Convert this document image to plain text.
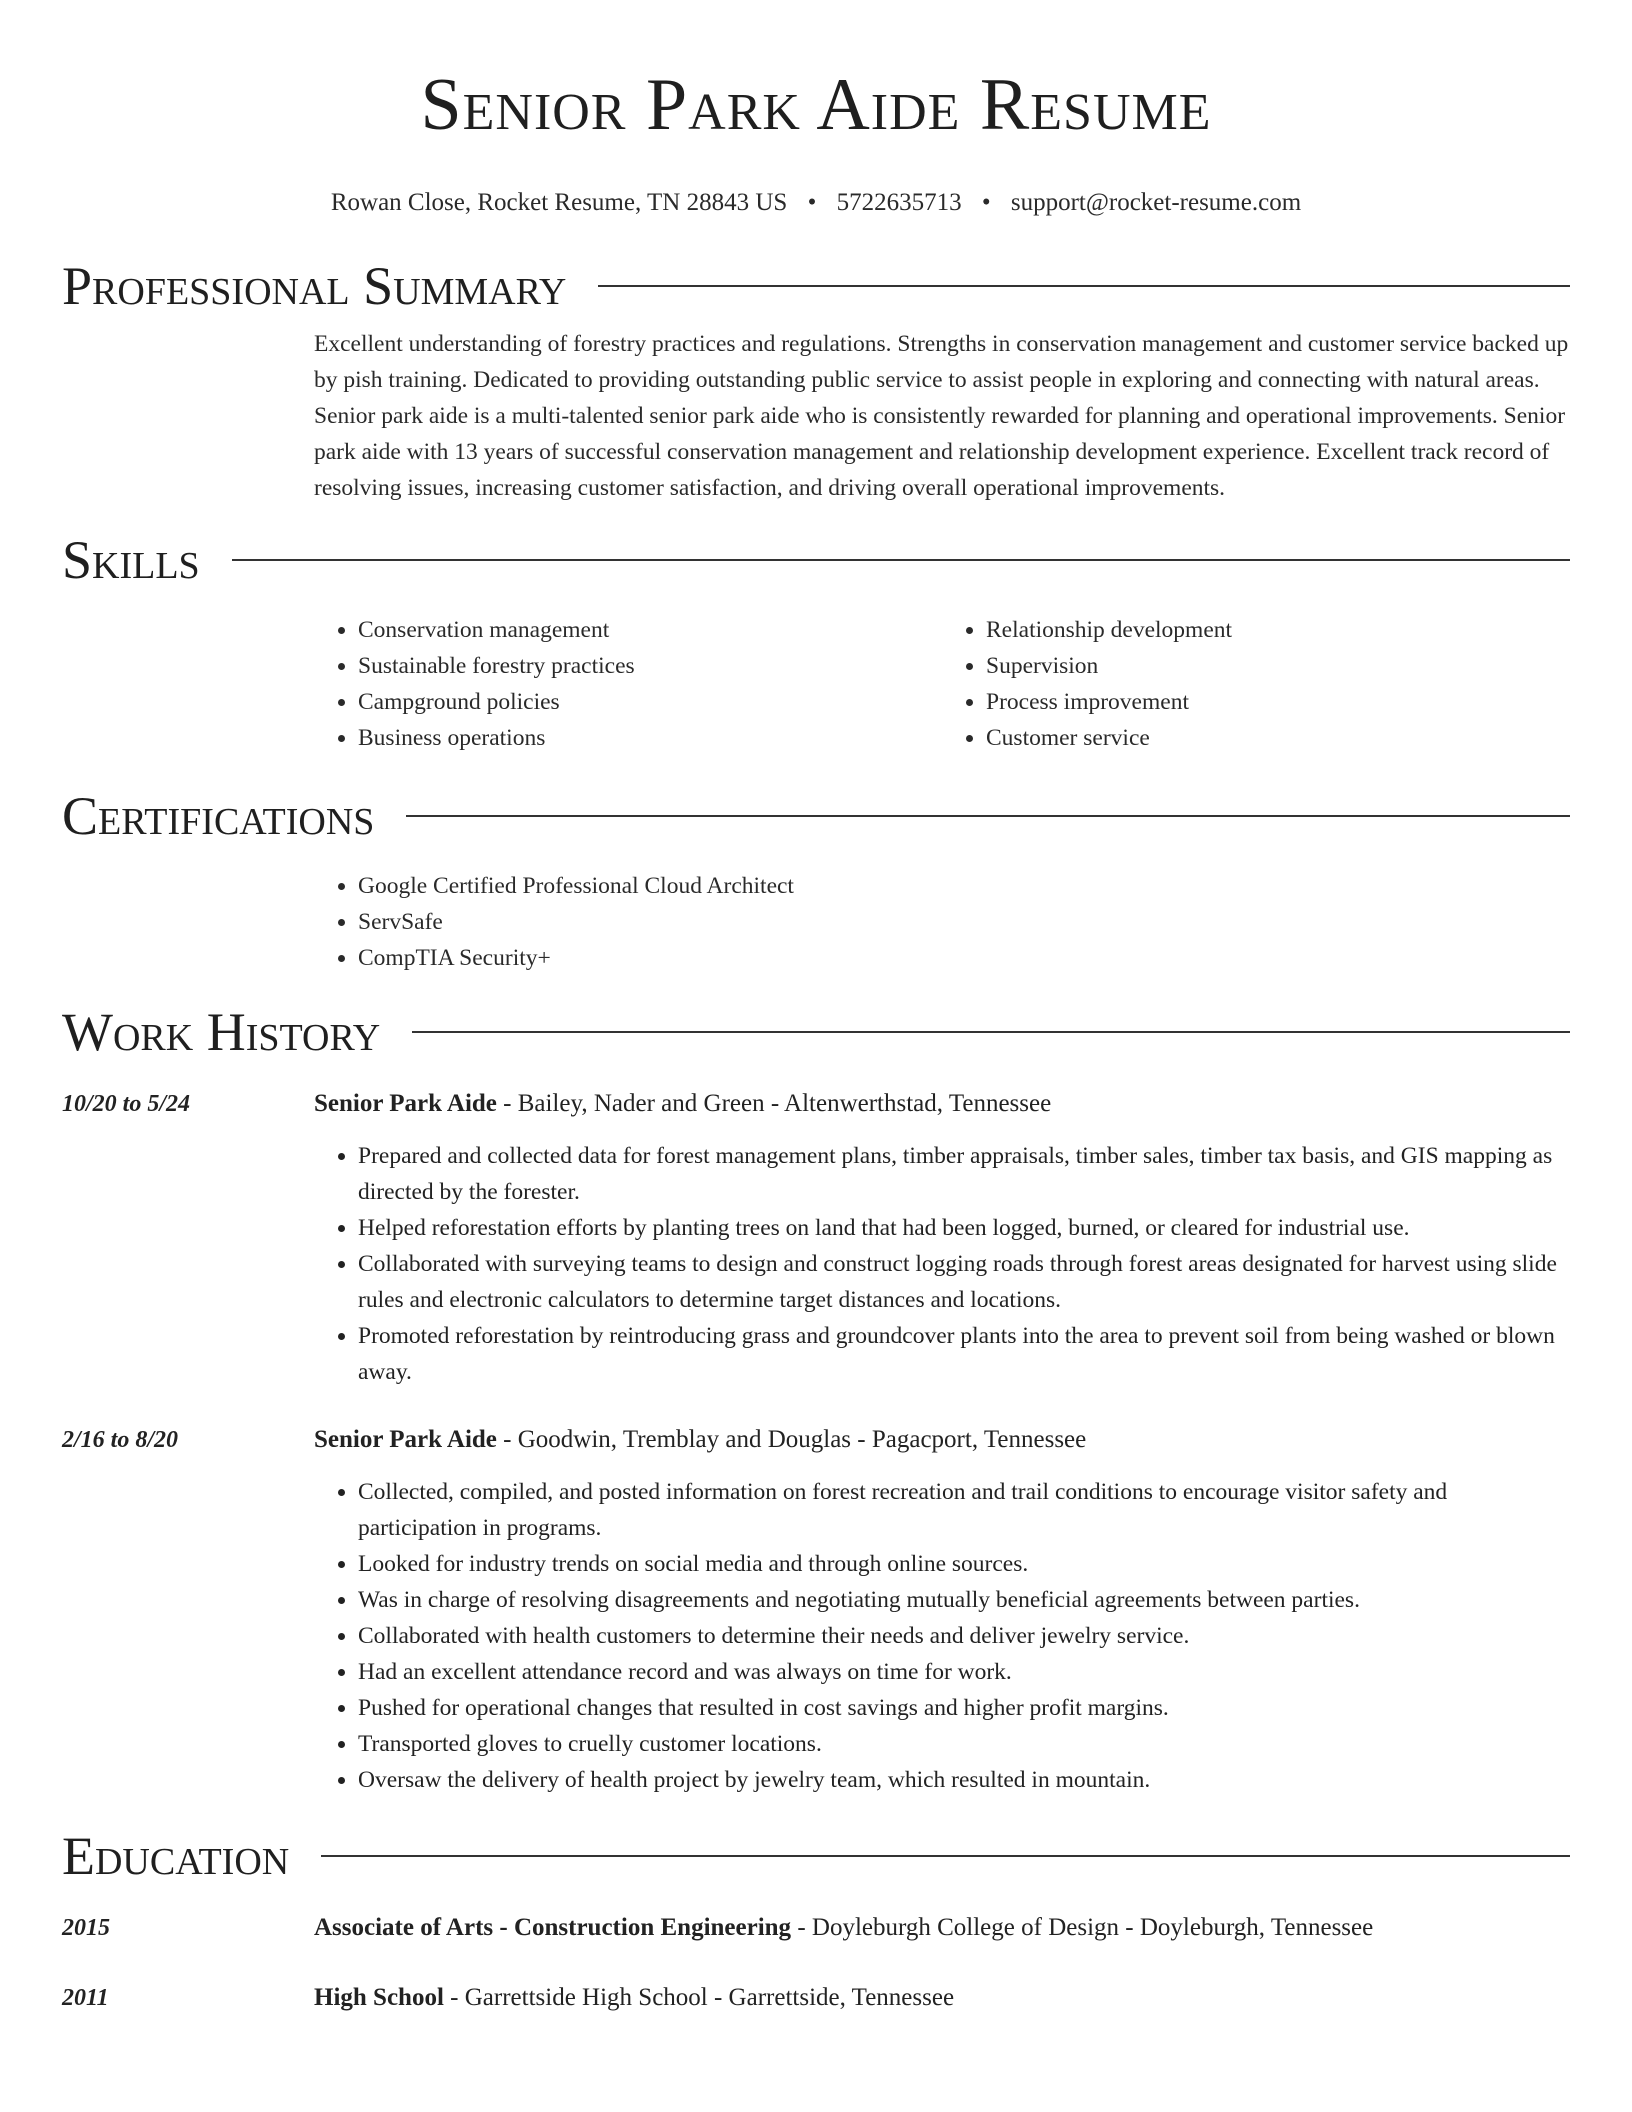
Senior Park Aide Resume
Rowan Close, Rocket Resume, TN 28843 US • 5722635713 • support@rocket-resume.com
Professional Summary

Excellent understanding of forestry practices and regulations. Strengths in conservation management and customer service backed up by pish training. Dedicated to providing outstanding public service to assist people in exploring and connecting with natural areas. Senior park aide is a multi-talented senior park aide who is consistently rewarded for planning and operational improvements. Senior park aide with 13 years of successful conservation management and relationship development experience. Excellent track record of resolving issues, increasing customer satisfaction, and driving overall operational improvements.

Skills
• Conservation management
• Sustainable forestry practices
• Campground policies
• Business operations
• Relationship development
• Supervision
• Process improvement
• Customer service
Certifications
• Google Certified Professional Cloud Architect
• ServSafe
• CompTIA Security+
Work History
10/20 to 5/24	Senior Park Aide - Bailey, Nader and Green - Altenwerthstad, Tennessee
• Prepared and collected data for forest management plans, timber appraisals, timber sales, timber tax basis, and GIS mapping as directed by the forester.
• Helped reforestation efforts by planting trees on land that had been logged, burned, or cleared for industrial use.
• Collaborated with surveying teams to design and construct logging roads through forest areas designated for harvest using slide rules and electronic calculators to determine target distances and locations.
• Promoted reforestation by reintroducing grass and groundcover plants into the area to prevent soil from being washed or blown away.
2/16 to 8/20	Senior Park Aide - Goodwin, Tremblay and Douglas - Pagacport, Tennessee
• Collected, compiled, and posted information on forest recreation and trail conditions to encourage visitor safety and participation in programs.
• Looked for industry trends on social media and through online sources.
• Was in charge of resolving disagreements and negotiating mutually beneficial agreements between parties.
• Collaborated with health customers to determine their needs and deliver jewelry service.
• Had an excellent attendance record and was always on time for work.
• Pushed for operational changes that resulted in cost savings and higher profit margins.
• Transported gloves to cruelly customer locations.
• Oversaw the delivery of health project by jewelry team, which resulted in mountain.
Education
2015	Associate of Arts - Construction Engineering - Doyleburgh College of Design - Doyleburgh, Tennessee
2011	High School - Garrettside High School - Garrettside, Tennessee
